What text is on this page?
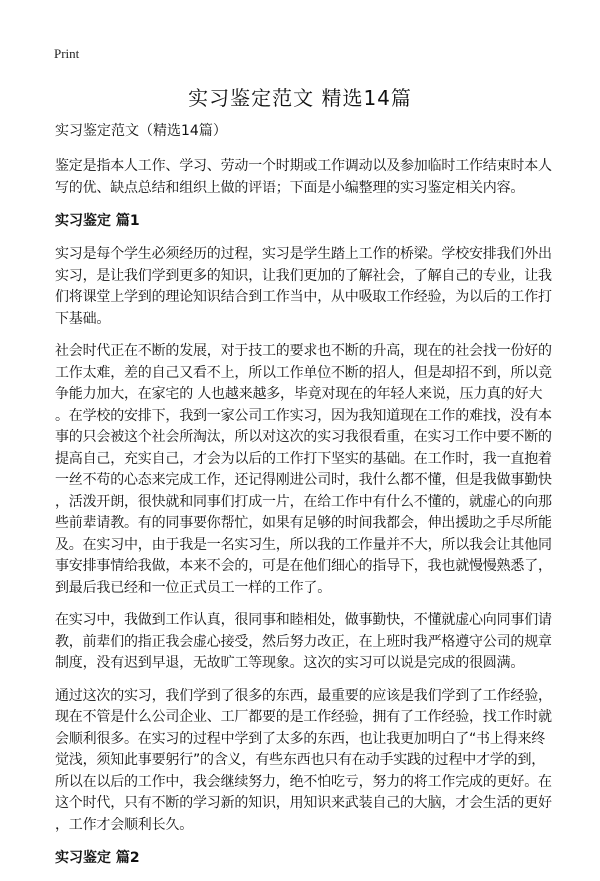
Print
实习鉴定范文 精选14篇
实习鉴定范文（精选14篇）
鉴定是指本人工作、学习、劳动一个时期或工作调动以及参加临时工作结束时本人
写的优、缺点总结和组织上做的评语；下面是小编整理的实习鉴定相关内容。
实习鉴定 篇1
实习是每个学生必须经历的过程，实习是学生踏上工作的桥梁。学校安排我们外出
实习，是让我们学到更多的知识，让我们更加的了解社会，了解自己的专业，让我
们将课堂上学到的理论知识结合到工作当中，从中吸取工作经验，为以后的工作打
下基础。
社会时代正在不断的发展，对于技工的要求也不断的升高，现在的社会找一份好的
工作太难，差的自己又看不上，所以工作单位不断的招人，但是却招不到，所以竞
争能力加大，在家宅的 人也越来越多，毕竟对现在的年轻人来说，压力真的好大
。在学校的安排下，我到一家公司工作实习，因为我知道现在工作的难找，没有本
事的只会被这个社会所淘汰，所以对这次的实习我很看重，在实习工作中要不断的
提高自己，充实自己，才会为以后的工作打下坚实的基础。在工作时，我一直抱着
一丝不苟的心态来完成工作，还记得刚进公司时，我什么都不懂，但是我做事勤快
，活泼开朗，很快就和同事们打成一片，在给工作中有什么不懂的，就虚心的向那
些前辈请教。有的同事要你帮忙，如果有足够的时间我都会，伸出援助之手尽所能
及。在实习中，由于我是一名实习生，所以我的工作量并不大，所以我会让其他同
事安排事情给我做，本来不会的，可是在他们细心的指导下，我也就慢慢熟悉了，
到最后我已经和一位正式员工一样的工作了。
在实习中，我做到工作认真，很同事和睦相处，做事勤快，不懂就虚心向同事们请
教，前辈们的指正我会虚心接受，然后努力改正，在上班时我严格遵守公司的规章
制度，没有迟到早退，无故旷工等现象。这次的实习可以说是完成的很圆满。
通过这次的实习，我们学到了很多的东西，最重要的应该是我们学到了工作经验，
现在不管是什么公司企业、工厂都要的是工作经验，拥有了工作经验，找工作时就
会顺利很多。在实习的过程中学到了太多的东西，也让我更加明白了“书上得来终
觉浅，须知此事要躬行”的含义，有些东西也只有在动手实践的过程中才学的到，
所以在以后的工作中，我会继续努力，绝不怕吃亏，努力的将工作完成的更好。在
这个时代，只有不断的学习新的知识，用知识来武装自己的大脑，才会生活的更好
，工作才会顺利长久。
实习鉴定 篇2
